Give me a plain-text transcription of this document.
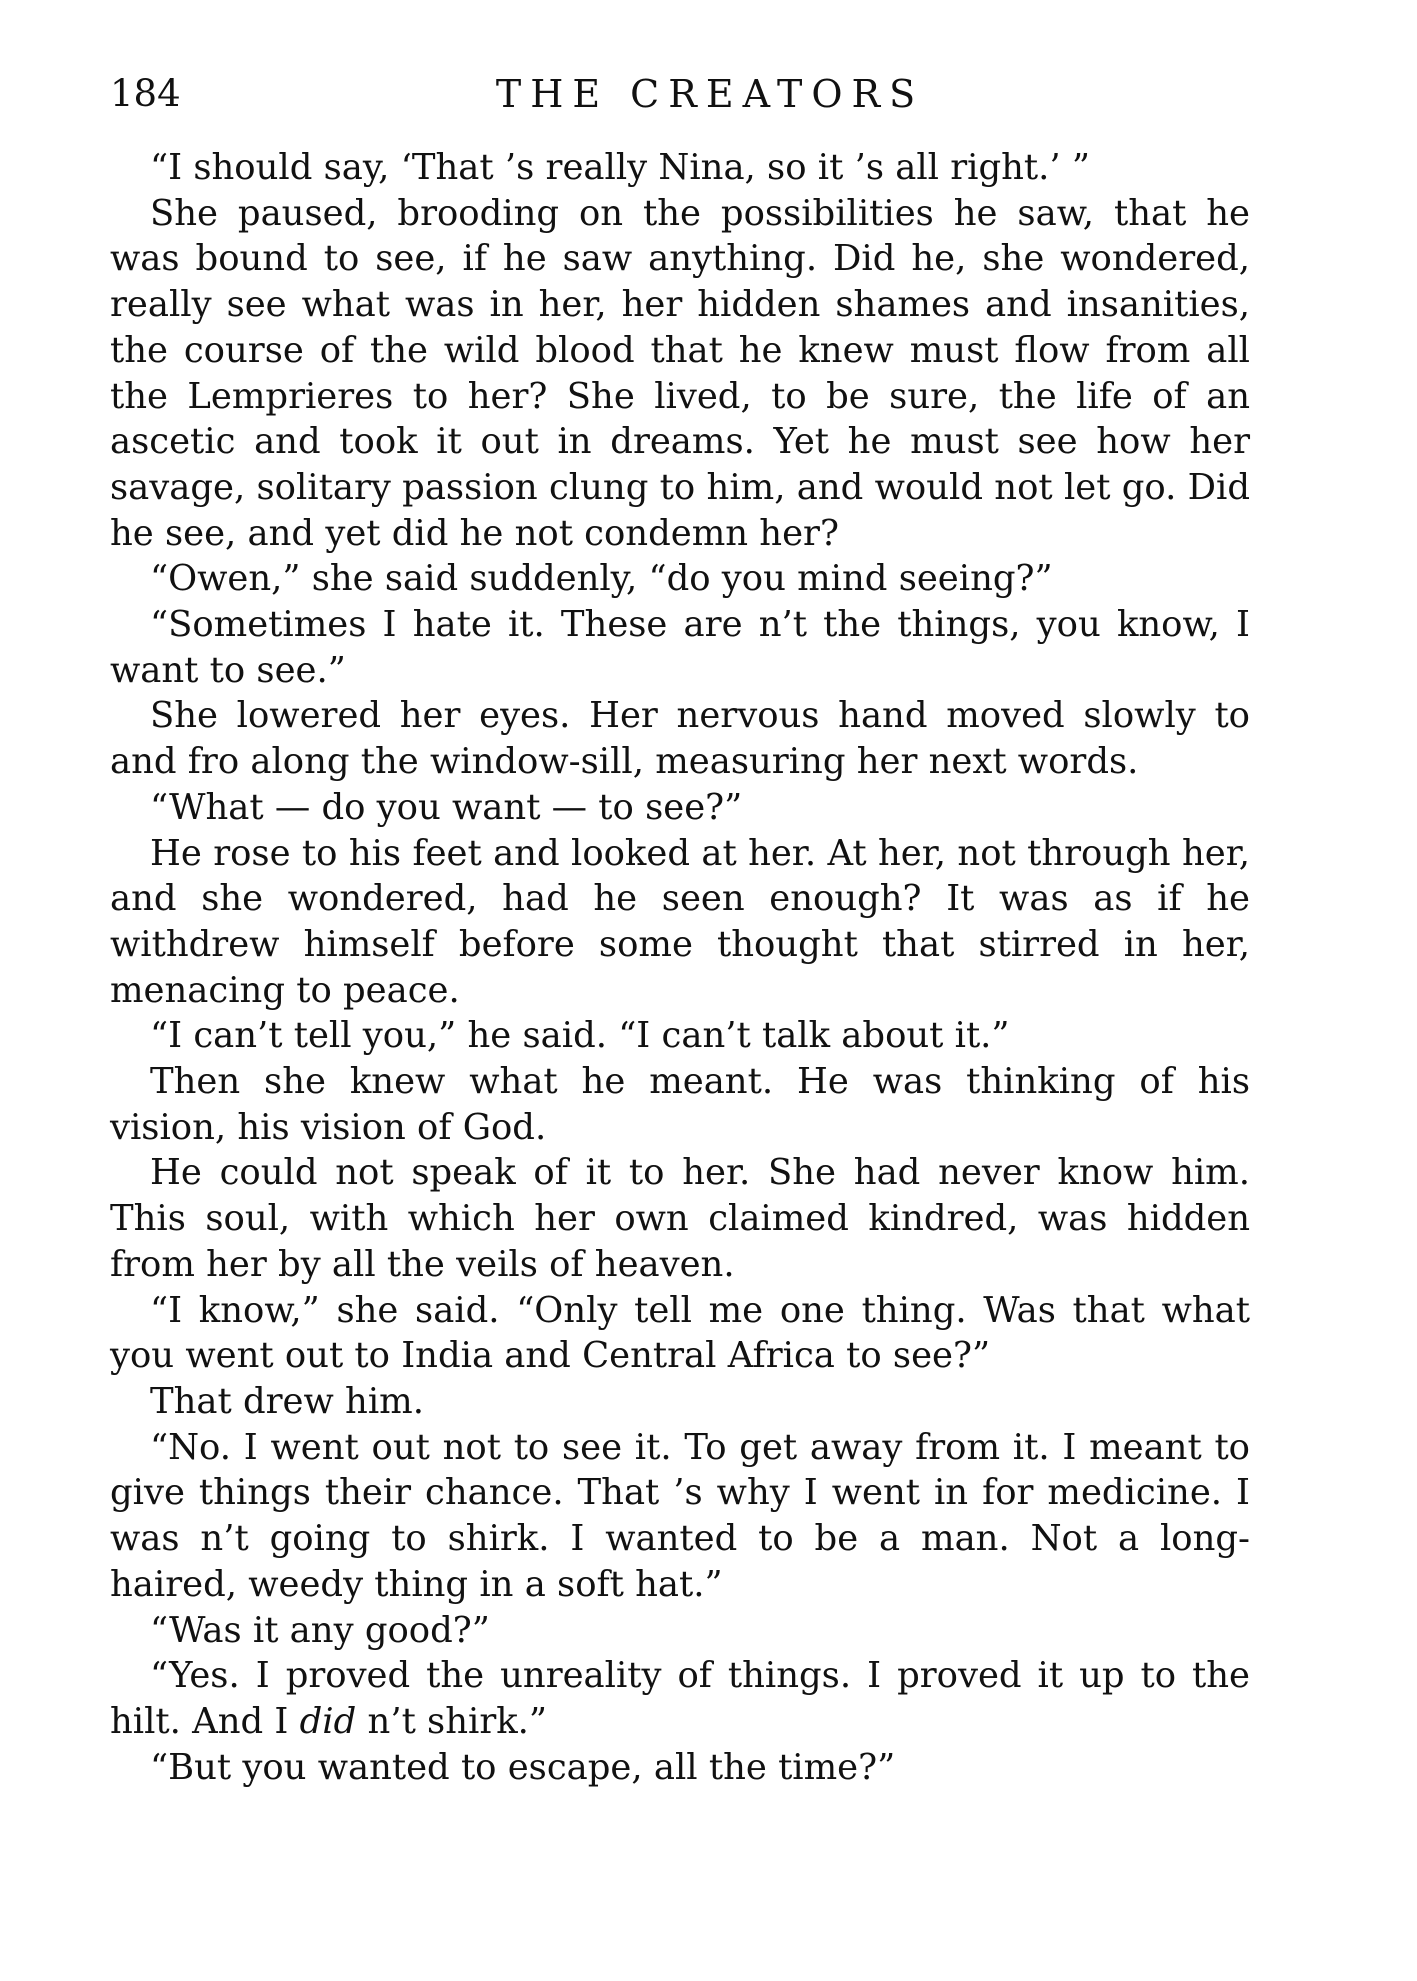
184	THE CREATORS

“I should say, ‘That ’s really Nina, so it ’s all right.’ ”

She paused, brooding on the possibilities he saw, that he was bound to see, if he saw anything. Did he, she wondered, really see what was in her, her hidden shames and insanities, the course of the wild blood that he knew must flow from all the Lemprieres to her? She lived, to be sure, the life of an ascetic and took it out in dreams. Yet he must see how her savage, solitary passion clung to him, and would not let go. Did he see, and yet did he not condemn her?

“Owen,” she said suddenly, “do you mind seeing?”

“Sometimes I hate it. These are n’t the things, you know, I want to see.”

She lowered her eyes. Her nervous hand moved slowly to and fro along the window-sill, measuring her next words.

“What — do you want — to see?”

He rose to his feet and looked at her. At her, not through her, and she wondered, had he seen enough? It was as if he withdrew himself before some thought that stirred in her, menacing to peace.

“I can’t tell you,” he said. “I can’t talk about it.”

Then she knew what he meant. He was thinking of his vision, his vision of God.

He could not speak of it to her. She had never know him. This soul, with which her own claimed kindred, was hidden from her by all the veils of heaven.

“I know,” she said. “Only tell me one thing. Was that what you went out to India and Central Africa to see?”

That drew him.

“No. I went out not to see it. To get away from it. I meant to give things their chance. That ’s why I went in for medicine. I was n’t going to shirk. I wanted to be a man. Not a long-haired, weedy thing in a soft hat.”

“Was it any good?”

“Yes. I proved the unreality of things. I proved it up to the hilt. And I did n’t shirk.”

“But you wanted to escape, all the time?”
